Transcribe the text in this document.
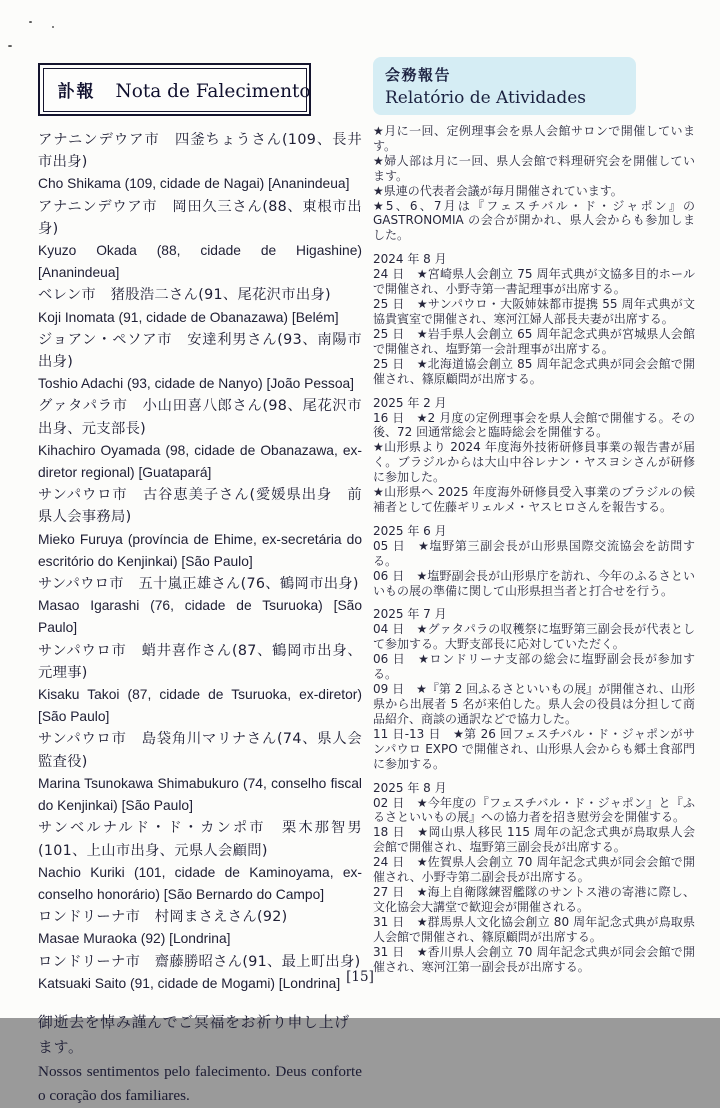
訃報 Nota de Falecimento

アナニンデウア市　四釜ちょうさん(109、長井市出身)

Cho Shikama (109, cidade de Nagai) [Ananindeua]

アナニンデウア市　岡田久三さん(88、東根市出身)

Kyuzo Okada (88, cidade de Higashine) [Ananindeua]

ベレン市　猪股浩二さん(91、尾花沢市出身)

Koji Inomata (91, cidade de Obanazawa) [Belém]

ジョアン・ペソア市　安達利男さん(93、南陽市出身)

Toshio Adachi (93, cidade de Nanyo) [João Pessoa]

グァタパラ市　小山田喜八郎さん(98、尾花沢市出身、元支部長)

Kihachiro Oyamada (98, cidade de Obanazawa, ex-diretor regional) [Guatapará]

サンパウロ市　古谷恵美子さん(愛媛県出身　前県人会事務局)

Mieko Furuya (província de Ehime, ex-secretária do escritório do Kenjinkai) [São Paulo]

サンパウロ市　五十嵐正雄さん(76、鶴岡市出身)

Masao Igarashi (76, cidade de Tsuruoka) [São Paulo]

サンパウロ市　蛸井喜作さん(87、鶴岡市出身、元理事)

Kisaku Takoi (87, cidade de Tsuruoka, ex-diretor) [São Paulo]

サンパウロ市　島袋角川マリナさん(74、県人会監査役)

Marina Tsunokawa Shimabukuro (74, conselho fiscal do Kenjinkai) [São Paulo]

サンベルナルド・ド・カンポ市　栗木那智男(101、上山市出身、元県人会顧問)

Nachio Kuriki (101, cidade de Kaminoyama, ex-conselho honorário) [São Bernardo do Campo]

ロンドリーナ市　村岡まさえさん(92)

Masae Muraoka (92) [Londrina]

ロンドリーナ市　齋藤勝昭さん(91、最上町出身)

Katsuaki Saito (91, cidade de Mogami) [Londrina]

御逝去を悼み謹んでご冥福をお祈り申し上げます。

Nossos sentimentos pelo falecimento. Deus conforte o coração dos familiares.

会務報告
Relatório de Atividades

★月に一回、定例理事会を県人会館サロンで開催しています。

★婦人部は月に一回、県人会館で料理研究会を開催しています。

★県連の代表者会議が毎月開催されています。

★5、6、7月は『フェスチバル・ド・ジャポン』の GASTRONOMIA の会合が開かれ、県人会からも参加しました。

2024 年 8 月

24 日　★宮崎県人会創立 75 周年式典が文協多目的ホールで開催され、小野寺第一書記理事が出席する。

25 日　★サンパウロ・大阪姉妹都市提携 55 周年式典が文協貴賓室で開催され、寒河江婦人部長夫妻が出席する。

25 日　★岩手県人会創立 65 周年記念式典が宮城県人会館で開催され、塩野第一会計理事が出席する。

25 日　★北海道協会創立 85 周年記念式典が同会会館で開催され、篠原顧問が出席する。

2025 年 2 月

16 日　★2 月度の定例理事会を県人会館で開催する。その後、72 回通常総会と臨時総会を開催する。

★山形県より 2024 年度海外技術研修員事業の報告書が届く。ブラジルからは大山中谷レナン・ヤスヨシさんが研修に参加した。

★山形県へ 2025 年度海外研修員受入事業のブラジルの候補者として佐藤ギリェルメ・ヤスヒロさんを報告する。

2025 年 6 月

05 日　★塩野第三副会長が山形県国際交流協会を訪問する。

06 日　★塩野副会長が山形県庁を訪れ、今年のふるさといいもの展の準備に関して山形県担当者と打合せを行う。

2025 年 7 月

04 日　★グァタパラの収穫祭に塩野第三副会長が代表として参加する。大野支部長に応対していただく。

06 日　★ロンドリーナ支部の総会に塩野副会長が参加する。

09 日　★『第 2 回ふるさといいもの展』が開催され、山形県から出展者 5 名が来伯した。県人会の役員は分担して商品紹介、商談の通訳などで協力した。

11 日-13 日　★第 26 回フェスチバル・ド・ジャポンがサンパウロ EXPO で開催され、山形県人会からも郷土食部門に参加する。

2025 年 8 月

02 日　★今年度の『フェスチバル・ド・ジャポン』と『ふるさといいもの展』への協力者を招き慰労会を開催する。

18 日　★岡山県人移民 115 周年の記念式典が鳥取県人会会館で開催され、塩野第三副会長が出席する。

24 日　★佐賀県人会創立 70 周年記念式典が同会会館で開催され、小野寺第二副会長が出席する。

27 日　★海上自衛隊練習艦隊のサントス港の寄港に際し、文化協会大講堂で歓迎会が開催される。

31 日　★群馬県人文化協会創立 80 周年記念式典が鳥取県人会館で開催され、篠原顧問が出席する。

31 日　★香川県人会創立 70 周年記念式典が同会会館で開催され、寒河江第一副会長が出席する。

[15]
